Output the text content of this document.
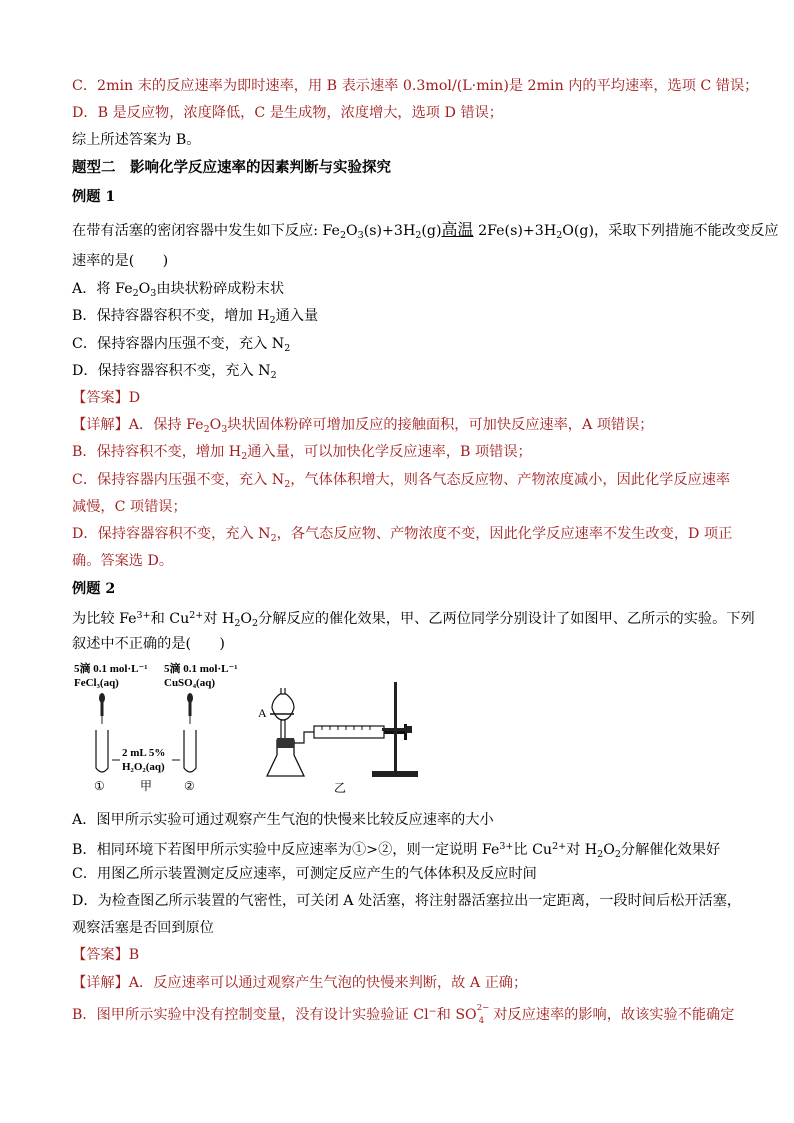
C．2min 末的反应速率为即时速率，用 B 表示速率 0.3mol/(L·min)是 2min 内的平均速率，选项 C 错误；
D．B 是反应物，浓度降低，C 是生成物，浓度增大，选项 D 错误；
综上所述答案为 B。
题型二　影响化学反应速率的因素判断与实验探究
例题 1
在带有活塞的密闭容器中发生如下反应: $Fe_2O_3(s)+3H_2(g)$高温 $2Fe(s)+3H_2O(g)$，采取下列措施不能改变反应
速率的是(　　)
A．将 $Fe_2O_3$由块状粉碎成粉末状
B．保持容器容积不变，增加 $H_2$通入量
C．保持容器内压强不变，充入 $N_2$
D．保持容器容积不变，充入 $N_2$
【答案】D
【详解】A．保持 $Fe_2O_3$块状固体粉碎可增加反应的接触面积，可加快反应速率，A 项错误；
B．保持容积不变，增加 $H_2$通入量，可以加快化学反应速率，B 项错误；
C．保持容器内压强不变，充入 $N_2$，气体体积增大，则各气态反应物、产物浓度减小，因此化学反应速率
减慢，C 项错误；
D．保持容器容积不变，充入 $N_2$，各气态反应物、产物浓度不变，因此化学反应速率不发生改变，D 项正
确。答案选 D。
例题 2
为比较 $Fe^{3+}$和 $Cu^{2+}$对 $H_2O_2$分解反应的催化效果，甲、乙两位同学分别设计了如图甲、乙所示的实验。下列
叙述中不正确的是(　　)
5滴 0.1 mol·L⁻¹
FeCl₃(aq)
5滴 0.1 mol·L⁻¹
CuSO₄(aq)
2 mL 5%
H₂O₂(aq)
①	甲	②
A
乙
A．图甲所示实验可通过观察产生气泡的快慢来比较反应速率的大小
B．相同环境下若图甲所示实验中反应速率为①>②，则一定说明 $Fe^{3+}$比 $Cu^{2+}$对 $H_2O_2$分解催化效果好
C．用图乙所示装置测定反应速率，可测定反应产生的气体体积及反应时间
D．为检查图乙所示装置的气密性，可关闭 A 处活塞，将注射器活塞拉出一定距离，一段时间后松开活塞，
观察活塞是否回到原位
【答案】B
【详解】A．反应速率可以通过观察产生气泡的快慢来判断，故 A 正确；
B．图甲所示实验中没有控制变量，没有设计实验验证 Cl−和 SO 2−
4 对反应速率的影响，故该实验不能确定
